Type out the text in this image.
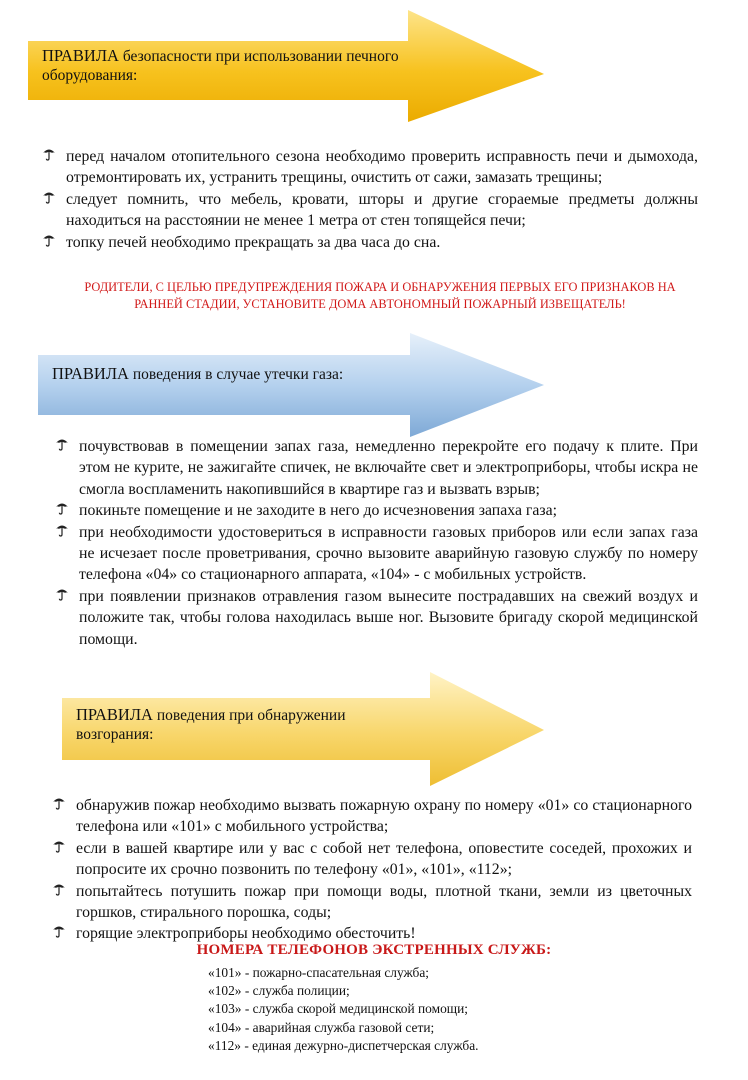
ПРАВИЛА безопасности при использовании печного оборудования:
перед началом отопительного сезона необходимо проверить исправность печи и дымохода, отремонтировать их, устранить трещины, очистить от сажи, замазать трещины;
следует помнить, что мебель, кровати, шторы и другие сгораемые предметы должны находиться на расстоянии не менее 1 метра от стен топящейся печи;
топку печей необходимо прекращать за два часа до сна.
РОДИТЕЛИ, С ЦЕЛЬЮ ПРЕДУПРЕЖДЕНИЯ ПОЖАРА И ОБНАРУЖЕНИЯ ПЕРВЫХ ЕГО ПРИЗНАКОВ НА РАННЕЙ СТАДИИ, УСТАНОВИТЕ ДОМА АВТОНОМНЫЙ ПОЖАРНЫЙ ИЗВЕЩАТЕЛЬ!
ПРАВИЛА поведения в случае утечки газа:
почувствовав в помещении запах газа, немедленно перекройте его подачу к плите. При этом не курите, не зажигайте спичек, не включайте свет и электроприборы, чтобы искра не смогла воспламенить накопившийся в квартире газ и вызвать взрыв;
покиньте помещение и не заходите в него до исчезновения запаха газа;
при необходимости удостовериться в исправности газовых приборов или если запах газа не исчезает после проветривания, срочно вызовите аварийную газовую службу по номеру телефона «04» со стационарного аппарата, «104» - с мобильных устройств.
при появлении признаков отравления газом вынесите пострадавших на свежий воздух и положите так, чтобы голова находилась выше ног. Вызовите бригаду скорой медицинской помощи.
ПРАВИЛА поведения при обнаружении возгорания:
обнаружив пожар необходимо вызвать пожарную охрану по номеру «01» со стационарного телефона или «101» с мобильного устройства;
если в вашей квартире или у вас с собой нет телефона, оповестите соседей, прохожих и попросите их срочно позвонить по телефону «01», «101», «112»;
попытайтесь потушить пожар при помощи воды, плотной ткани, земли из цветочных горшков, стирального порошка, соды;
горящие электроприборы необходимо обесточить!
НОМЕРА ТЕЛЕФОНОВ ЭКСТРЕННЫХ СЛУЖБ:
«101» - пожарно-спасательная служба;
«102» - служба полиции;
«103» - служба скорой медицинской помощи;
«104» - аварийная служба газовой сети;
«112» - единая дежурно-диспетчерская служба.
